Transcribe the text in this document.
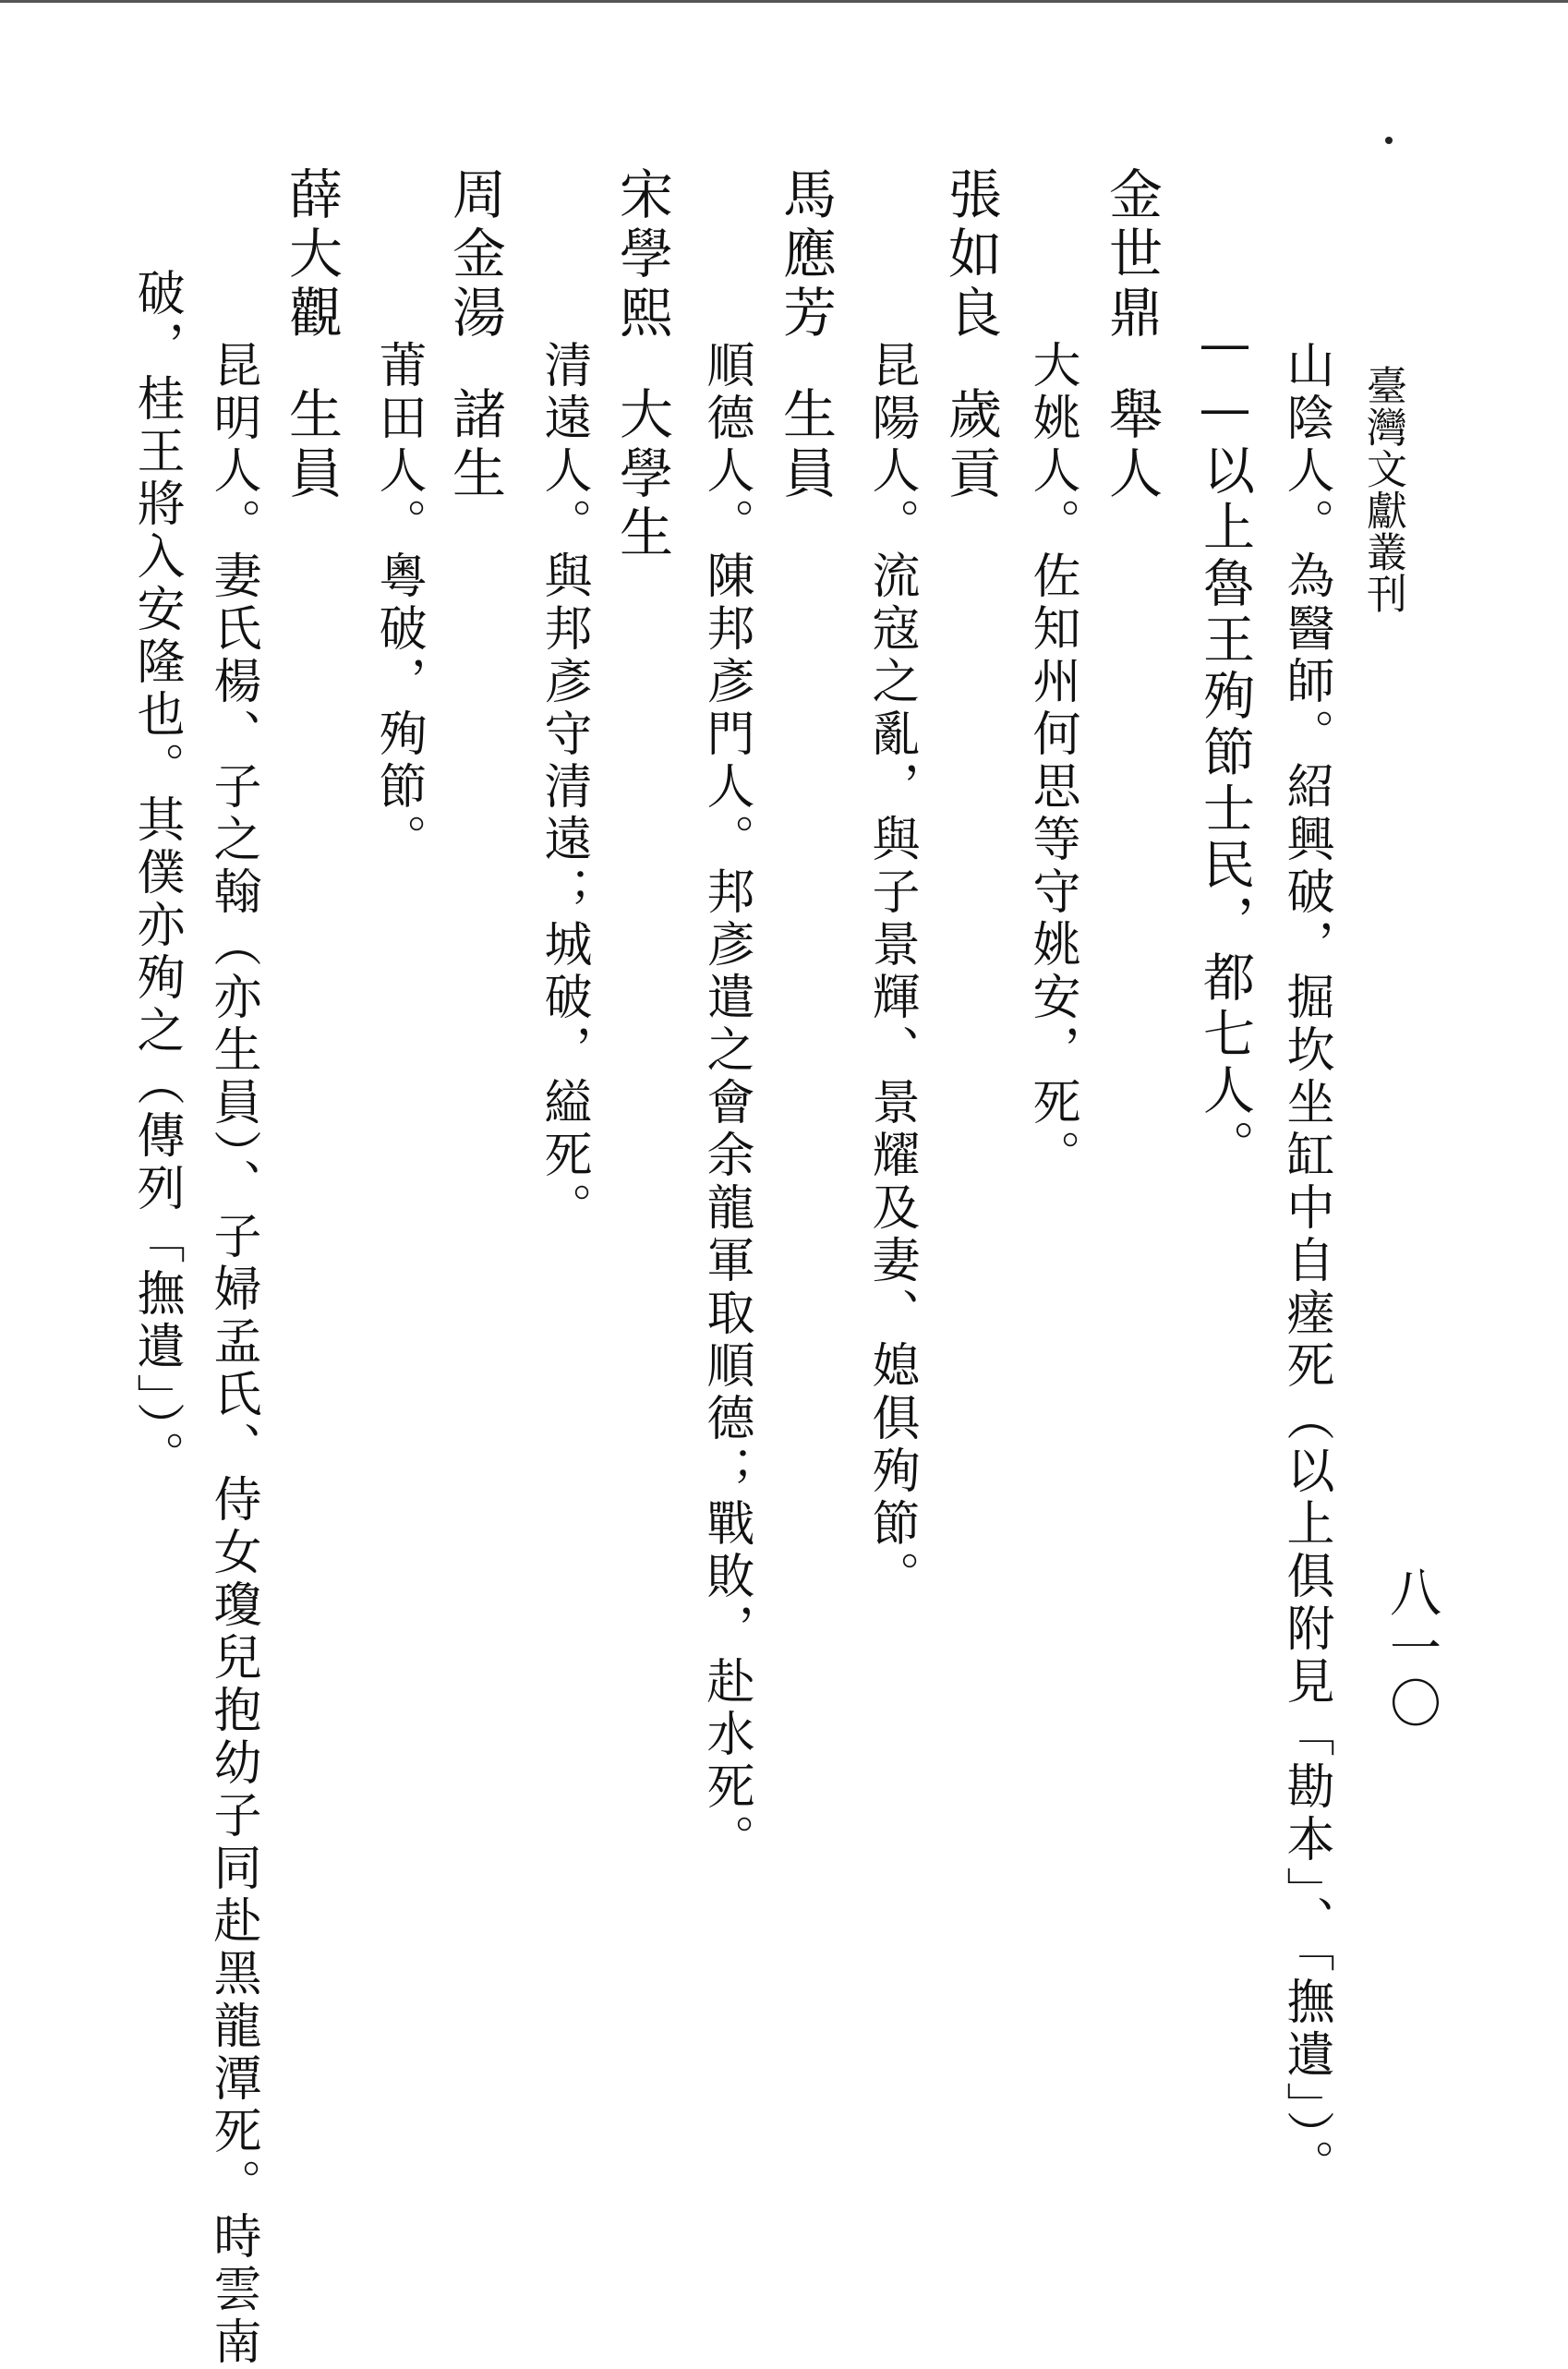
臺灣文獻叢刊
八一〇
山陰人。為醫師。紹興破，掘坎坐缸中自瘗死（以上俱附見「勘本」、「撫遺」）。
——以上魯王殉節士民，都七人。
金世鼎舉人
大姚人。佐知州何思等守姚安，死。
張如良歲貢
昆陽人。流寇之亂，與子景輝、景耀及妻、媳俱殉節。
馬應芳生員
順德人。陳邦彥門人。邦彥遣之會余龍軍取順德；戰敗，赴水死。
宋學熙大學生
清遠人。與邦彥守清遠；城破，縊死。
周金湯諸生
莆田人。粵破，殉節。
薛大觀生員
昆明人。妻氏楊、子之翰（亦生員）、子婦孟氏、侍女瓊兒抱幼子同赴黑龍潭死。時雲南
破，桂王將入安隆也。其僕亦殉之（傳列「撫遺」）。
